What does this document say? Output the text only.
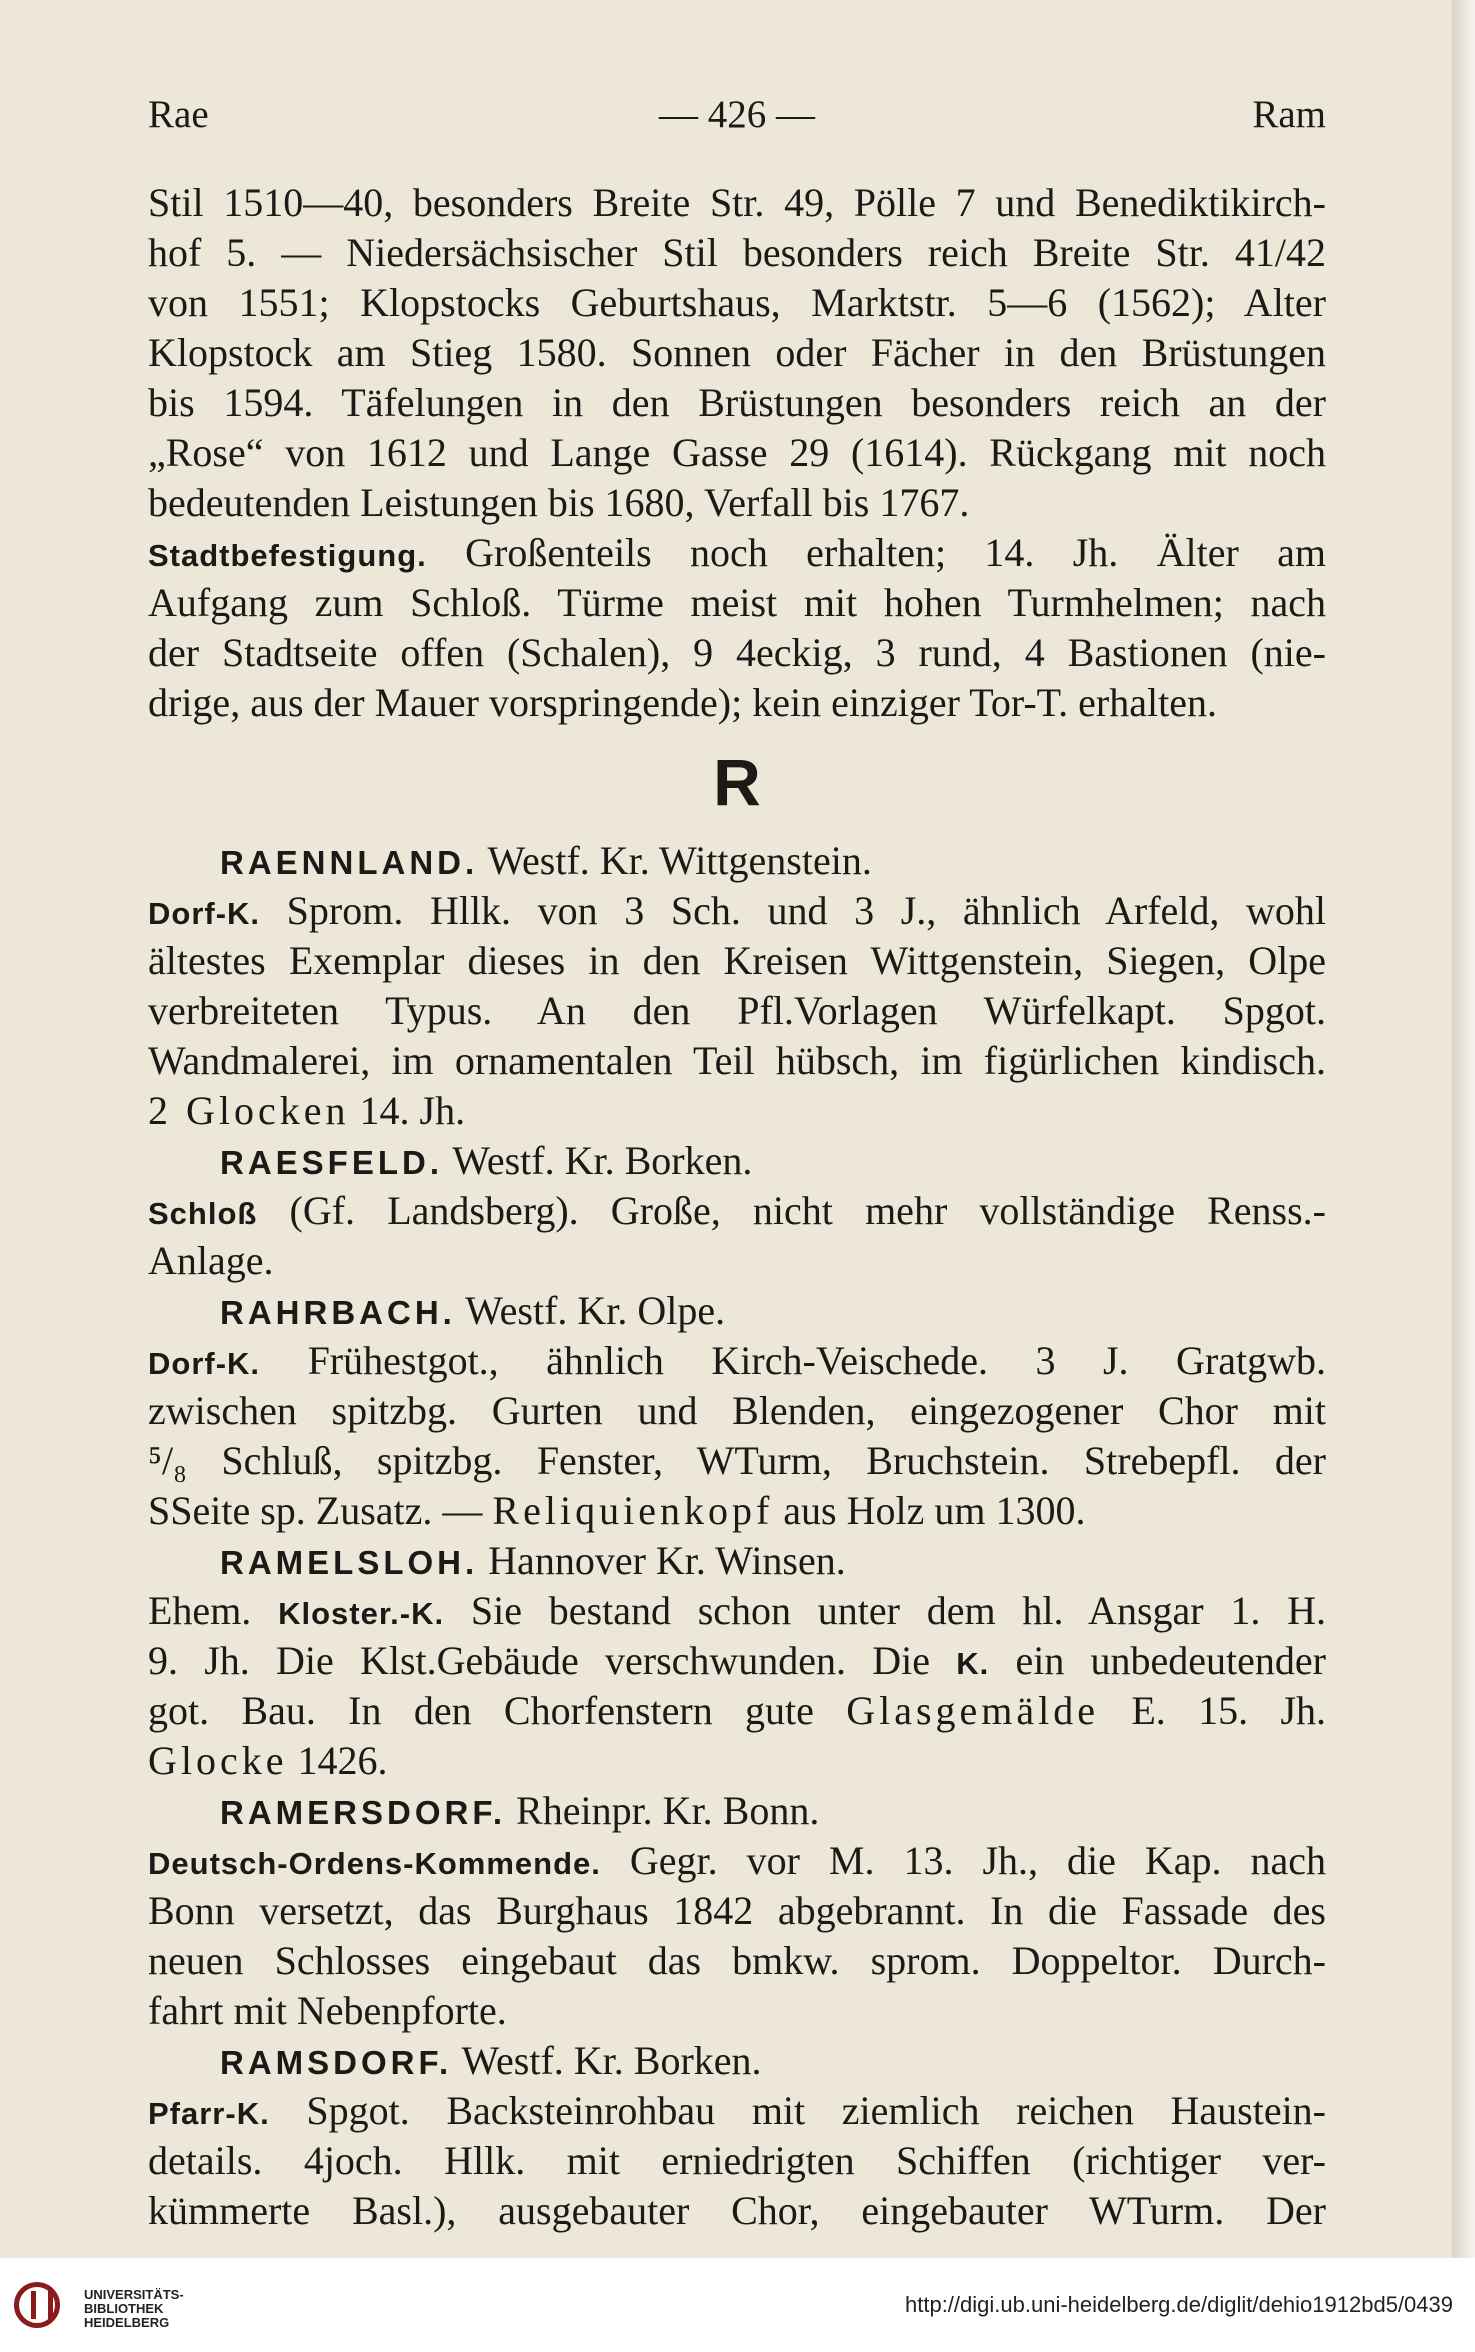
Rae	— 426 —	Ram
Stil 1510—40, besonders Breite Str. 49, Pölle 7 und Benediktikirch-
hof 5. — Niedersächsischer Stil besonders reich Breite Str. 41/42
von 1551; Klopstocks Geburtshaus, Marktstr. 5—6 (1562); Alter
Klopstock am Stieg 1580. Sonnen oder Fächer in den Brüstungen
bis 1594. Täfelungen in den Brüstungen besonders reich an der
„Rose“ von 1612 und Lange Gasse 29 (1614). Rückgang mit noch
bedeutenden Leistungen bis 1680, Verfall bis 1767.
Stadtbefestigung. Großenteils noch erhalten; 14. Jh. Älter am
Aufgang zum Schloß. Türme meist mit hohen Turmhelmen; nach
der Stadtseite offen (Schalen), 9 4eckig, 3 rund, 4 Bastionen (nie-
drige, aus der Mauer vorspringende); kein einziger Tor-T. erhalten.
R
RAENNLAND. Westf. Kr. Wittgenstein.
Dorf-K. Sprom. Hllk. von 3 Sch. und 3 J., ähnlich Arfeld, wohl
ältestes Exemplar dieses in den Kreisen Wittgenstein, Siegen, Olpe
verbreiteten Typus. An den Pfl.Vorlagen Würfelkapt. Spgot.
Wandmalerei, im ornamentalen Teil hübsch, im figürlichen kindisch.
2 Glocken 14. Jh.
RAESFELD. Westf. Kr. Borken.
Schloß (Gf. Landsberg). Große, nicht mehr vollständige Renss.-
Anlage.
RAHRBACH. Westf. Kr. Olpe.
Dorf-K. Frühestgot., ähnlich Kirch-Veischede. 3 J. Gratgwb.
zwischen spitzbg. Gurten und Blenden, eingezogener Chor mit
⁵/₈ Schluß, spitzbg. Fenster, WTurm, Bruchstein. Strebepfl. der
SSeite sp. Zusatz. — Reliquienkopf aus Holz um 1300.
RAMELSLOH. Hannover Kr. Winsen.
Ehem. Kloster.-K. Sie bestand schon unter dem hl. Ansgar 1. H.
9. Jh. Die Klst.Gebäude verschwunden. Die K. ein unbedeutender
got. Bau. In den Chorfenstern gute Glasgemälde E. 15. Jh.
Glocke 1426.
RAMERSDORF. Rheinpr. Kr. Bonn.
Deutsch-Ordens-Kommende. Gegr. vor M. 13. Jh., die Kap. nach
Bonn versetzt, das Burghaus 1842 abgebrannt. In die Fassade des
neuen Schlosses eingebaut das bmkw. sprom. Doppeltor. Durch-
fahrt mit Nebenpforte.
RAMSDORF. Westf. Kr. Borken.
Pfarr-K. Spgot. Backsteinrohbau mit ziemlich reichen Haustein-
details. 4joch. Hllk. mit erniedrigten Schiffen (richtiger ver-
kümmerte Basl.), ausgebauter Chor, eingebauter WTurm. Der
UNIVERSITÄTS-
BIBLIOTHEK
HEIDELBERG
http://digi.ub.uni-heidelberg.de/diglit/dehio1912bd5/0439
